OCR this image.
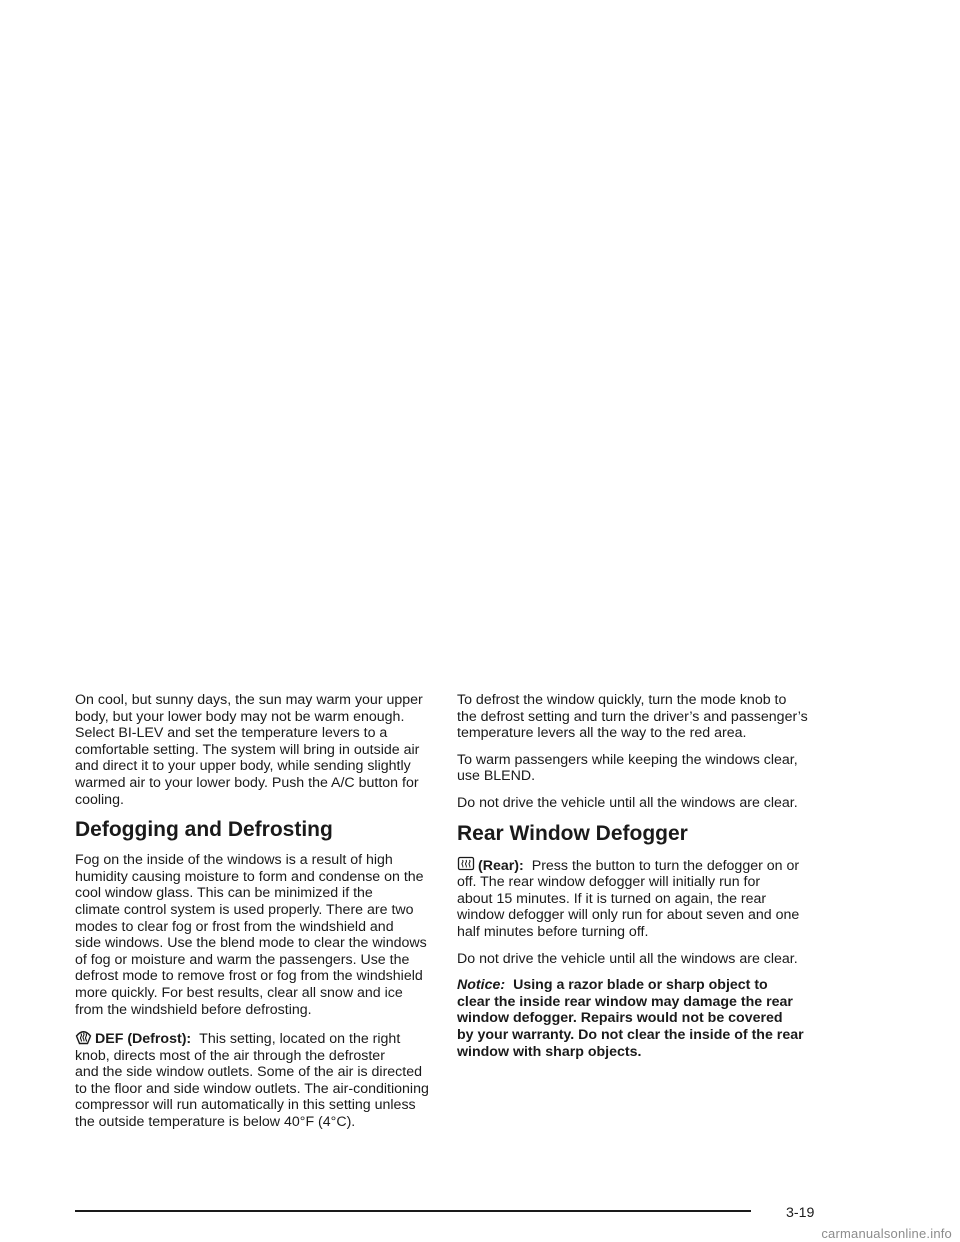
On cool, but sunny days, the sun may warm your upper
body, but your lower body may not be warm enough.
Select BI-LEV and set the temperature levers to a
comfortable setting. The system will bring in outside air
and direct it to your upper body, while sending slightly
warmed air to your lower body. Push the A/C button for
cooling.

Defogging and Defrosting

Fog on the inside of the windows is a result of high
humidity causing moisture to form and condense on the
cool window glass. This can be minimized if the
climate control system is used properly. There are two
modes to clear fog or frost from the windshield and
side windows. Use the blend mode to clear the windows
of fog or moisture and warm the passengers. Use the
defrost mode to remove frost or fog from the windshield
more quickly. For best results, clear all snow and ice
from the windshield before defrosting.

DEF (Defrost): This setting, located on the right
knob, directs most of the air through the defroster
and the side window outlets. Some of the air is directed
to the floor and side window outlets. The air-conditioning
compressor will run automatically in this setting unless
the outside temperature is below 40°F (4°C).

To defrost the window quickly, turn the mode knob to
the defrost setting and turn the driver’s and passenger’s
temperature levers all the way to the red area.

To warm passengers while keeping the windows clear,
use BLEND.

Do not drive the vehicle until all the windows are clear.

Rear Window Defogger

(Rear): Press the button to turn the defogger on or
off. The rear window defogger will initially run for
about 15 minutes. If it is turned on again, the rear
window defogger will only run for about seven and one
half minutes before turning off.

Do not drive the vehicle until all the windows are clear.

Notice: Using a razor blade or sharp object to
clear the inside rear window may damage the rear
window defogger. Repairs would not be covered
by your warranty. Do not clear the inside of the rear
window with sharp objects.

3-19
carmanualsonline.info
